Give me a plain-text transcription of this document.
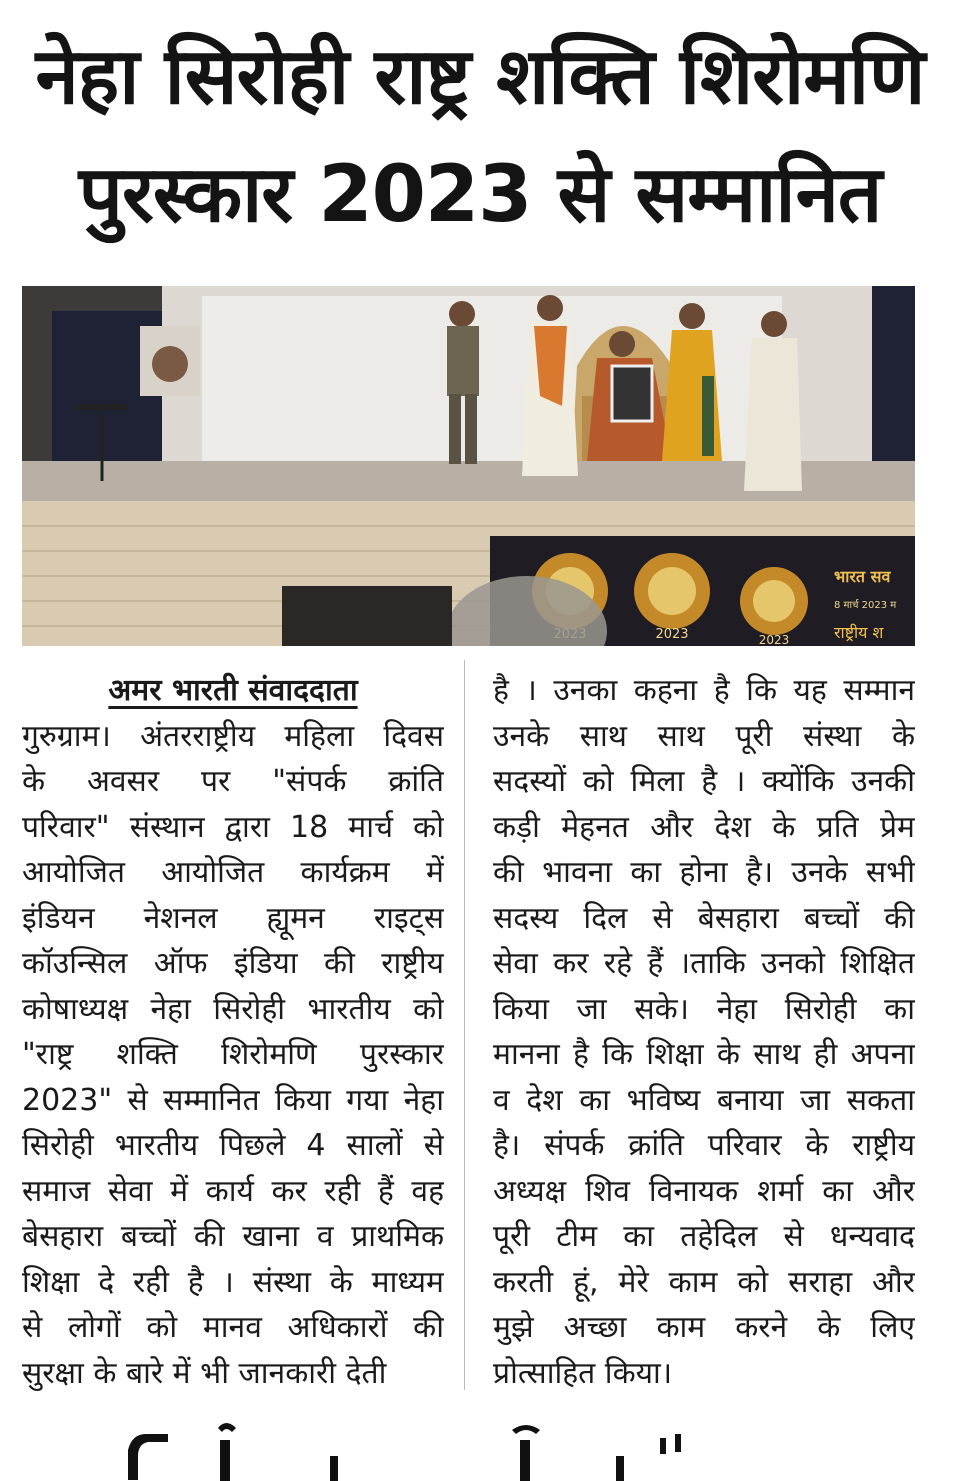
नेहा सिरोही राष्ट्र शक्ति शिरोमणि
पुरस्कार 2023 से सम्मानित
2023	2023
भारत सव
8 मार्च 2023 म
राष्ट्रीय श
अमर भारती संवाददाता
गुरुग्राम। अंतरराष्ट्रीय महिला दिवस
के अवसर पर "संपर्क क्रांति
परिवार" संस्थान द्वारा 18 मार्च को
आयोजित आयोजित कार्यक्रम में
इंडियन नेशनल ह्यूमन राइट्स
कॉउन्सिल ऑफ इंडिया की राष्ट्रीय
कोषाध्यक्ष नेहा सिरोही भारतीय को
"राष्ट्र शक्ति शिरोमणि पुरस्कार
2023" से सम्मानित किया गया नेहा
सिरोही भारतीय पिछले 4 सालों से
समाज सेवा में कार्य कर रही हैं वह
बेसहारा बच्चों की खाना व प्राथमिक
शिक्षा दे रही है । संस्था के माध्यम
से लोगों को मानव अधिकारों की
सुरक्षा के बारे में भी जानकारी देती
है । उनका कहना है कि यह सम्मान
उनके साथ साथ पूरी संस्था के
सदस्यों को मिला है । क्योंकि उनकी
कड़ी मेहनत और देश के प्रति प्रेम
की भावना का होना है। उनके सभी
सदस्य दिल से बेसहारा बच्चों की
सेवा कर रहे हैं ।ताकि उनको शिक्षित
किया जा सके। नेहा सिरोही का
मानना है कि शिक्षा के साथ ही अपना
व देश का भविष्य बनाया जा सकता
है। संपर्क क्रांति परिवार के राष्ट्रीय
अध्यक्ष शिव विनायक शर्मा का और
पूरी टीम का तहेदिल से धन्यवाद
करती हूं, मेरे काम को सराहा और
मुझे अच्छा काम करने के लिए
प्रोत्साहित किया।
